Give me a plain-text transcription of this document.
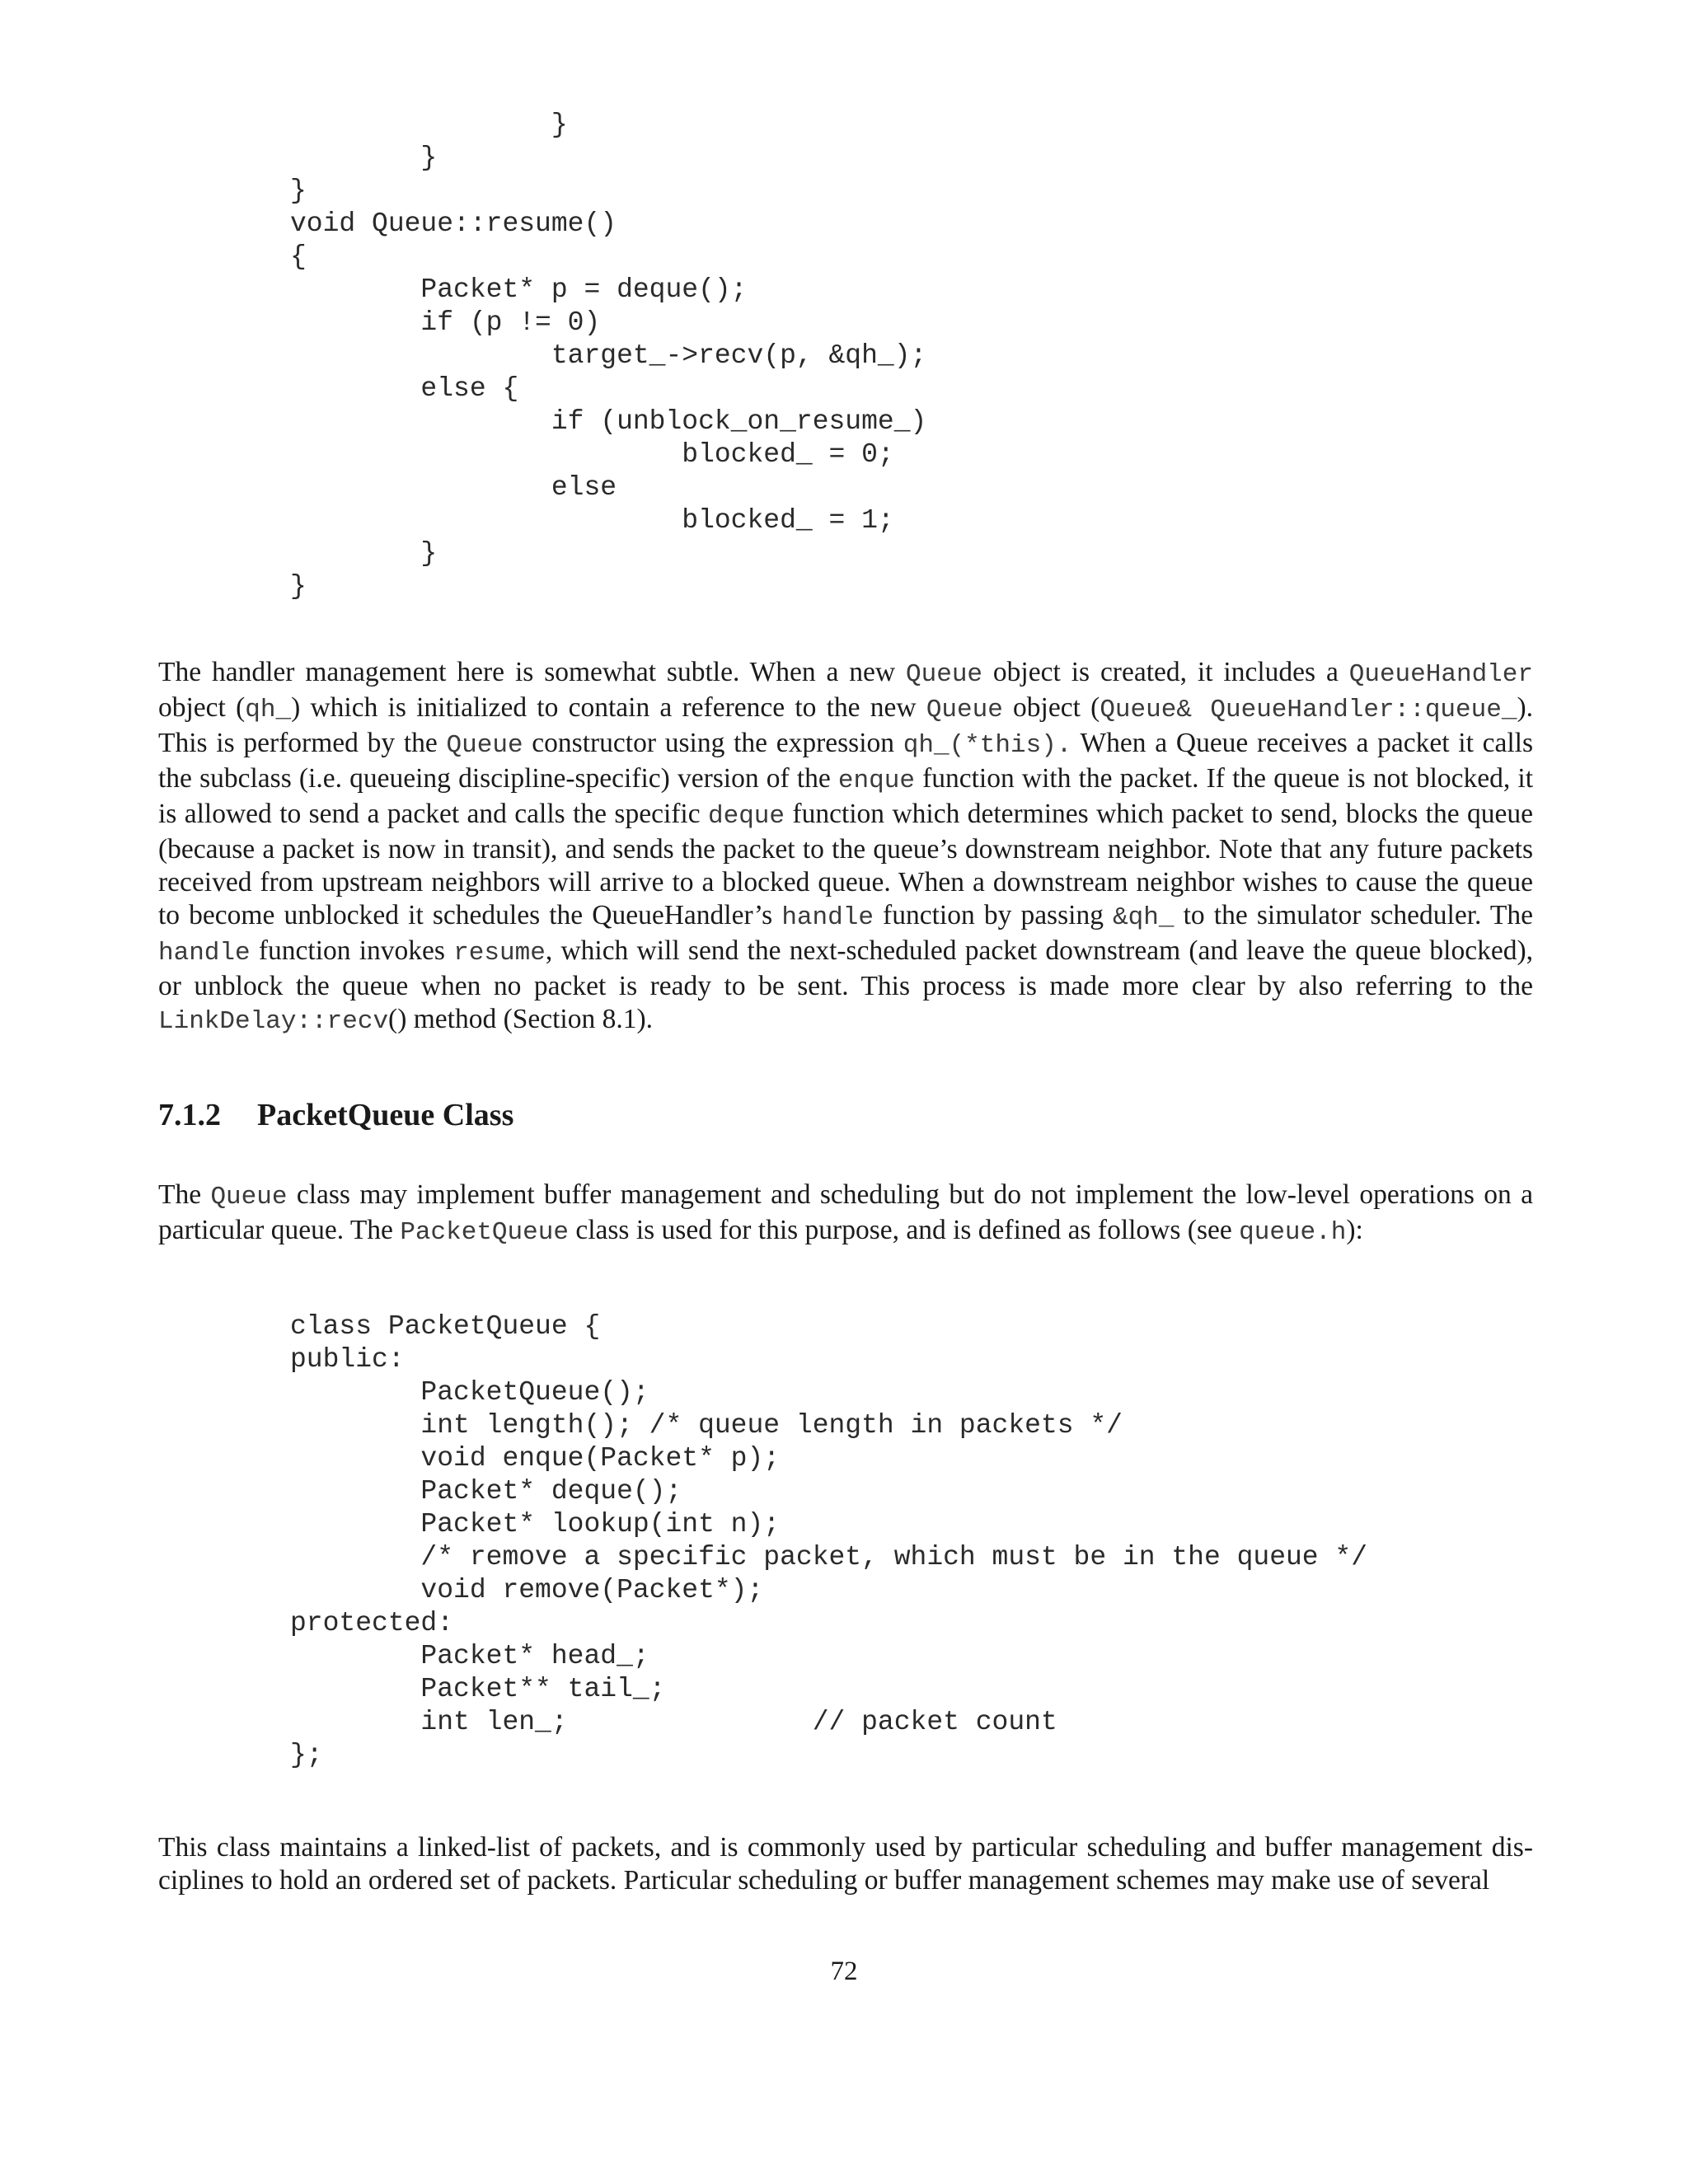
}
}
}
void Queue::resume()
{
Packet* p = deque();
if (p != 0)
target_->recv(p, &qh_);
else {
if (unblock_on_resume_)
blocked_ = 0;
else
blocked_ = 1;
}
}

The handler management here is somewhat subtle. When a new Queue object is created, it includes a QueueHandler object (qh_) which is initialized to contain a reference to the new Queue object (Queue& QueueHandler::queue_). This is performed by the Queue constructor using the expression qh_(*this). When a Queue receives a packet it calls the subclass (i.e. queueing discipline-specific) version of the enque function with the packet. If the queue is not blocked, it is allowed to send a packet and calls the specific deque function which determines which packet to send, blocks the queue (because a packet is now in transit), and sends the packet to the queue’s downstream neighbor. Note that any future packets received from upstream neighbors will arrive to a blocked queue. When a downstream neighbor wishes to cause the queue to become unblocked it schedules the QueueHandler’s handle function by passing &qh_ to the simulator scheduler. The handle function invokes resume, which will send the next-scheduled packet downstream (and leave the queue blocked), or unblock the queue when no packet is ready to be sent. This process is made more clear by also referring to the LinkDelay::recv() method (Section 8.1).

7.1.2 PacketQueue Class

The Queue class may implement buffer management and scheduling but do not implement the low-level operations on a particular queue. The PacketQueue class is used for this purpose, and is defined as follows (see queue.h):

class PacketQueue {
public:
PacketQueue();
int length(); /* queue length in packets */
void enque(Packet* p);
Packet* deque();
Packet* lookup(int n);
/* remove a specific packet, which must be in the queue */
void remove(Packet*);
protected:
Packet* head_;
Packet** tail_;
int len_;               // packet count
};

This class maintains a linked-list of packets, and is commonly used by particular scheduling and buffer management disciplines to hold an ordered set of packets. Particular scheduling or buffer management schemes may make use of several

72
